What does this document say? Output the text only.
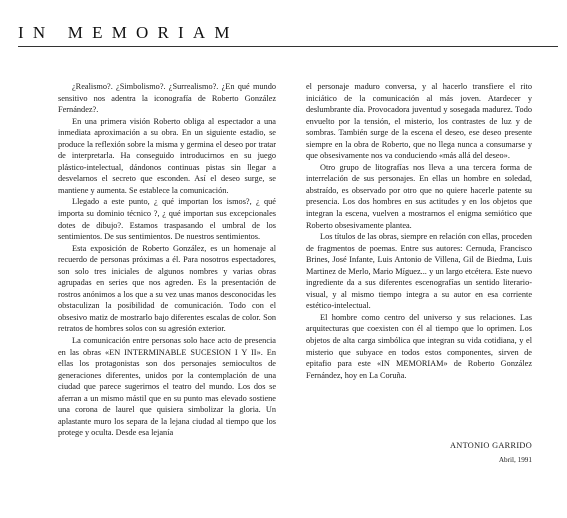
IN MEMORIAM

¿Realismo?. ¿Simbolismo?. ¿Surrealismo?. ¿En qué mundo sensitivo nos adentra la iconografía de Roberto González Fernández?.

En una primera visión Roberto obliga al espectador a una inmediata aproximación a su obra. En un siguiente estadio, se produce la reflexión sobre la misma y germina el deseo por tratar de interpretarla. Ha conseguido introducirnos en su juego plástico-intelectual, dándonos continuas pistas sin llegar a desvelarnos el secreto que esconden. Así el deseo surge, se mantiene y aumenta. Se establece la comunicación.

Llegado a este punto, ¿ qué importan los ismos?, ¿ qué importa su dominio técnico ?, ¿ qué importan sus excepcionales dotes de dibujo?. Estamos traspasando el umbral de los sentimientos. De sus sentimientos. De nuestros sentimientos.

Esta exposición de Roberto González, es un homenaje al recuerdo de personas próximas a él. Para nosotros espectadores, son solo tres iniciales de algunos nombres y varias obras agrupadas en series que nos agreden. Es la presentación de rostros anónimos a los que a su vez unas manos desconocidas les obstaculizan la posibilidad de comunicación. Todo con el obsesivo matiz de mostrarlo bajo diferentes escalas de color. Son retratos de hombres solos con su agresión exterior.

La comunicación entre personas solo hace acto de presencia en las obras «EN INTERMINABLE SUCESION I Y II». En ellas los protagonistas son dos personajes semiocultos de generaciones diferentes, unidos por la contemplación de una ciudad que parece sugerirnos el teatro del mundo. Los dos se aferran a un mismo mástil que en su punto mas elevado sostiene una corona de laurel que quisiera simbolizar la gloria. Un aplastante muro los separa de la lejana ciudad al tiempo que los protege y oculta. Desde esa lejanía

el personaje maduro conversa, y al hacerlo transfiere el rito iniciático de la comunicación al más joven. Atardecer y deslumbrante día. Provocadora juventud y sosegada madurez. Todo envuelto por la tensión, el misterio, los contrastes de luz y de sombras. También surge de la escena el deseo, ese deseo presente siempre en la obra de Roberto, que no llega nunca a consumarse y que obsesivamente nos va conduciendo «más allá del deseo».

Otro grupo de litografías nos lleva a una tercera forma de interrelación de sus personajes. En ellas un hombre en soledad, abstraído, es observado por otro que no quiere hacerle patente su presencia. Los dos hombres en sus actitudes y en los objetos que integran la escena, vuelven a mostrarnos el enigma semiótico que Roberto obsesivamente plantea.

Los títulos de las obras, siempre en relación con ellas, proceden de fragmentos de poemas. Entre sus autores: Cernuda, Francisco Brines, José Infante, Luis Antonio de Villena, Gil de Biedma, Luis Martinez de Merlo, Mario Míguez... y un largo etcétera. Este nuevo ingrediente da a sus diferentes escenografías un sentido literario-visual, y al mismo tiempo integra a su autor en esa corriente estético-intelectual.

El hombre como centro del universo y sus relaciones. Las arquitecturas que coexisten con él al tiempo que lo oprimen. Los objetos de alta carga simbólica que integran su vida cotidiana, y el misterio que subyace en todos estos componentes, sirven de epitafio para este «IN MEMORIAM» de Roberto González Fernández, hoy en La Coruña.

ANTONIO GARRIDO
Abril, 1991
